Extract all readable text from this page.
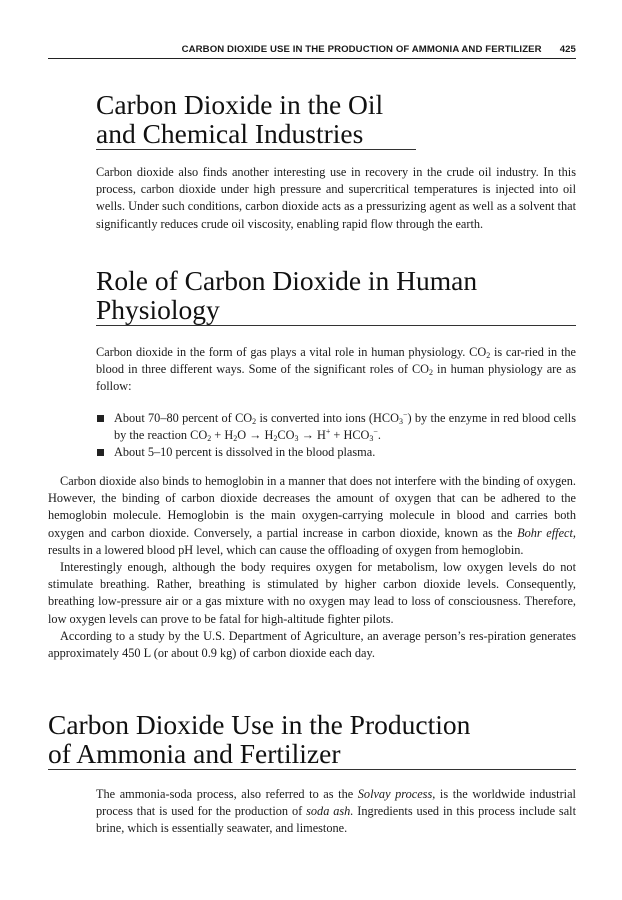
CARBON DIOXIDE USE IN THE PRODUCTION OF AMMONIA AND FERTILIZER 425
Carbon Dioxide in the Oil
and Chemical Industries

Carbon dioxide also finds another interesting use in recovery in the crude oil industry. In this process, carbon dioxide under high pressure and supercritical temperatures is injected into oil wells. Under such conditions, carbon dioxide acts as a pressurizing agent as well as a solvent that significantly reduces crude oil viscosity, enabling rapid flow through the earth.

Role of Carbon Dioxide in Human
Physiology

Carbon dioxide in the form of gas plays a vital role in human physiology. $CO_2$ is car-ried in the blood in three different ways. Some of the significant roles of $CO_2$ in human physiology are as follow:

About 70–80 percent of $CO_2$ is converted into ions $(HCO_3^-)$ by the enzyme in red blood cells by the reaction $CO_2 + H_2O \to H_2CO_3 \to H^+ + HCO_3^-$.
About 5–10 percent is dissolved in the blood plasma.

Carbon dioxide also binds to hemoglobin in a manner that does not interfere with the binding of oxygen. However, the binding of carbon dioxide decreases the amount of oxygen that can be adhered to the hemoglobin molecule. Hemoglobin is the main oxygen-carrying molecule in blood and carries both oxygen and carbon dioxide. Conversely, a partial increase in carbon dioxide, known as the Bohr effect, results in a lowered blood pH level, which can cause the offloading of oxygen from hemoglobin.

Interestingly enough, although the body requires oxygen for metabolism, low oxygen levels do not stimulate breathing. Rather, breathing is stimulated by higher carbon dioxide levels. Consequently, breathing low-pressure air or a gas mixture with no oxygen may lead to loss of consciousness. Therefore, low oxygen levels can prove to be fatal for high-altitude fighter pilots.

According to a study by the U.S. Department of Agriculture, an average person’s res-piration generates approximately 450 L (or about 0.9 kg) of carbon dioxide each day.

Carbon Dioxide Use in the Production
of Ammonia and Fertilizer

The ammonia-soda process, also referred to as the Solvay process, is the worldwide industrial process that is used for the production of soda ash. Ingredients used in this process include salt brine, which is essentially seawater, and limestone.
